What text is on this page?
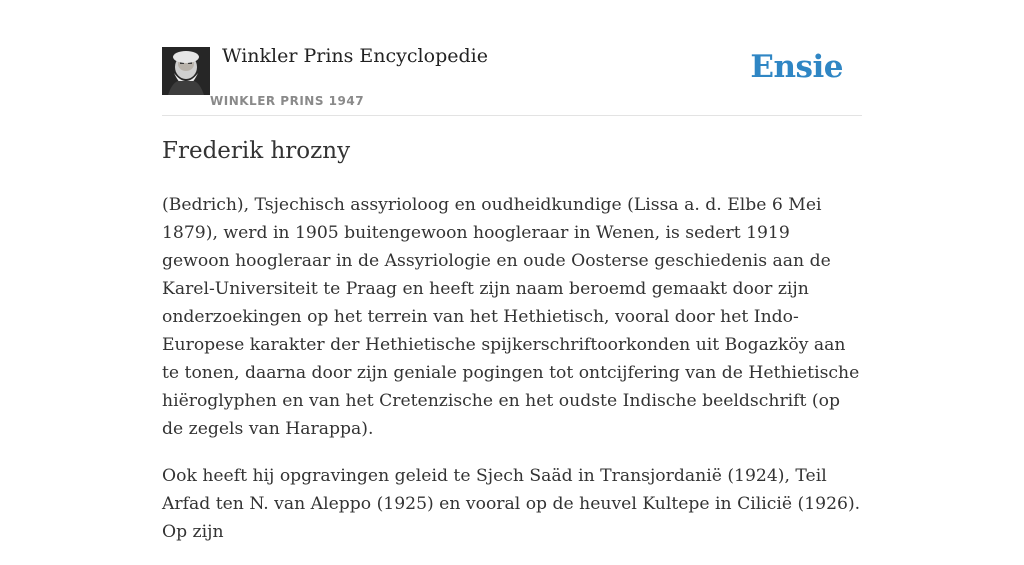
Winkler Prins Encyclopedie
WINKLER PRINS 1947
Ensie
Frederik hrozny

(Bedrich), Tsjechisch assyrioloog en oudheidkundige (Lissa a. d. Elbe 6 Mei 1879), werd in 1905 buitengewoon hoogleraar in Wenen, is sedert 1919 gewoon hoogleraar in de Assyriologie en oude Oosterse geschiedenis aan de Karel-Universiteit te Praag en heeft zijn naam beroemd gemaakt door zijn onderzoekingen op het terrein van het Hethietisch, vooral door het Indo-Europese karakter der Hethietische spijkerschriftoorkonden uit Bogazköy aan te tonen, daarna door zijn geniale pogingen tot ontcijfering van de Hethietische hiëroglyphen en van het Cretenzische en het oudste Indische beeldschrift (op de zegels van Harappa).

Ook heeft hij opgravingen geleid te Sjech Saäd in Transjordanië (1924), Teil Arfad ten N. van Aleppo (1925) en vooral op de heuvel Kultepe in Cilicië (1926). Op zijn
